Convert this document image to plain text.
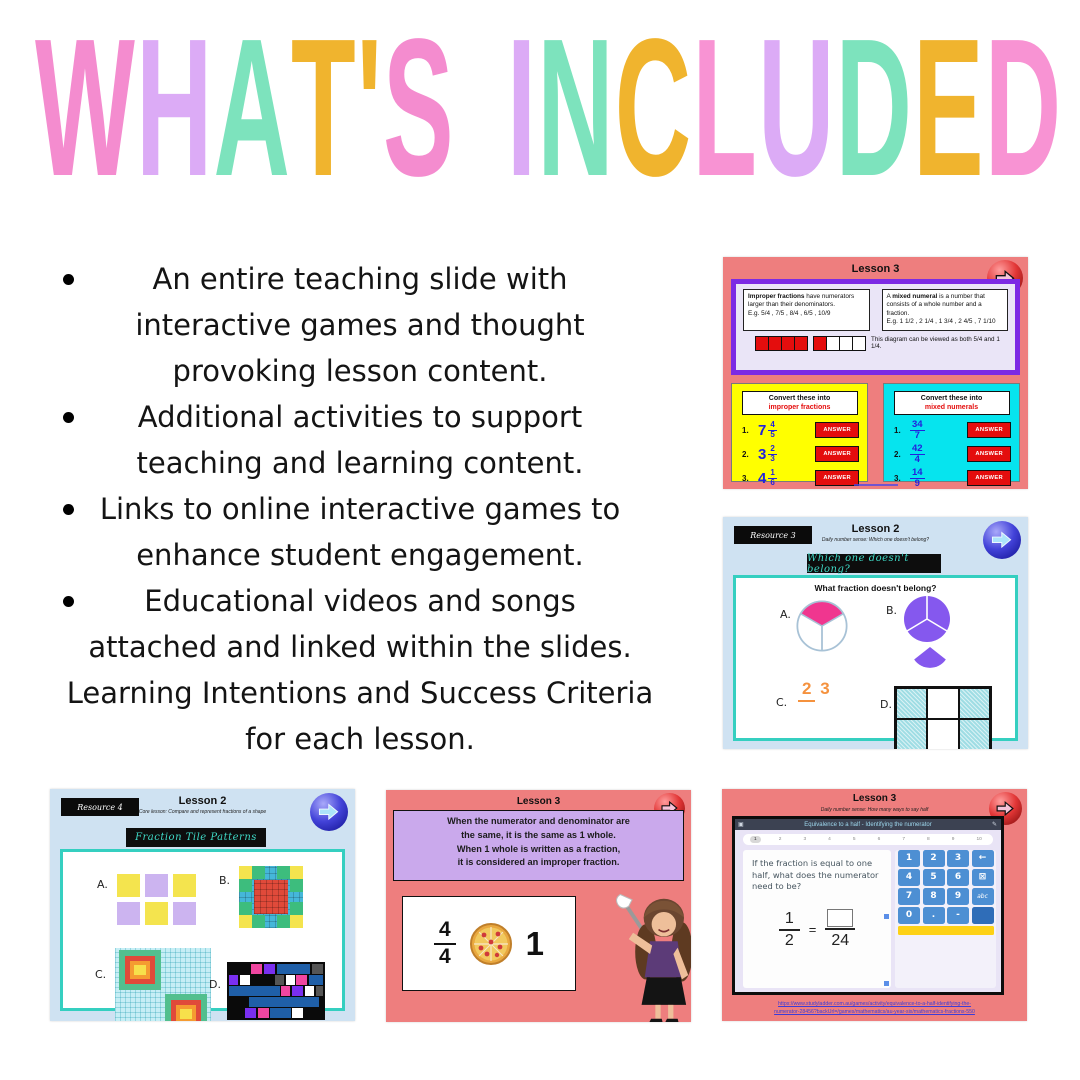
WHAT'S INCLUDED
An entire teaching slide with
interactive games and thought
provoking lesson content.
Additional activities to support
teaching and learning content.
Links to online interactive games to
enhance student engagement.
Educational videos and songs
attached and linked within the slides.
Learning Intentions and Success Criteria
for each lesson.
Lesson 3
Improper fractions have numerators larger than their denominators.
E.g. 5/4 , 7/5 , 8/4 , 6/5 , 10/9
A mixed numeral is a number that consists of a whole number and a fraction.
E.g. 1 1/2 , 2 1/4 , 1 3/4 , 2 4/5 , 7 1/10
This diagram can be viewed as both 5/4 and 1 1/4.
Convert these into
improper fractions
1. $7 \frac{4}{5}$	ANSWER
2. $3 \frac{2}{3}$	ANSWER
3. $4 \frac{1}{6}$	ANSWER
Convert these into
mixed numerals
1. $\frac{34}{7}$	ANSWER
2. $\frac{42}{4}$	ANSWER
3. $\frac{14}{9}$	ANSWER
Resource 3	Lesson 2
Daily number sense: Which one doesn't belong?
Which one doesn't belong?
What fraction doesn't belong?
A.	B.
C.
2 3
D.
Resource 4	Lesson 2
Core lesson: Compare and represent fractions of a shape
Fraction Tile Patterns
A.	B.
C.
D.
Lesson 3
When the numerator and denominator are
the same, it is the same as 1 whole.
When 1 whole is written as a fraction,
it is considered an improper fraction.
4
4 1
Lesson 3
Daily number sense: How many ways to say half
▣	Equivalence to a half - Identifying the numerator	✎
1	2	3	4	5	6	7	8	9	10
If the fraction is equal to one
half, what does the numerator
need to be?
$\frac{1}{2}$ =
24
1	2	3	←
4	5	6	⊠
7	8	9	abc
0	.	-
https://www.studyladder.com.au/games/activity/equivalence-to-a-half-identifying-the-
numerator-28456?backUrl=/games/mathematics/au-year-six/mathematics-fractions-550
